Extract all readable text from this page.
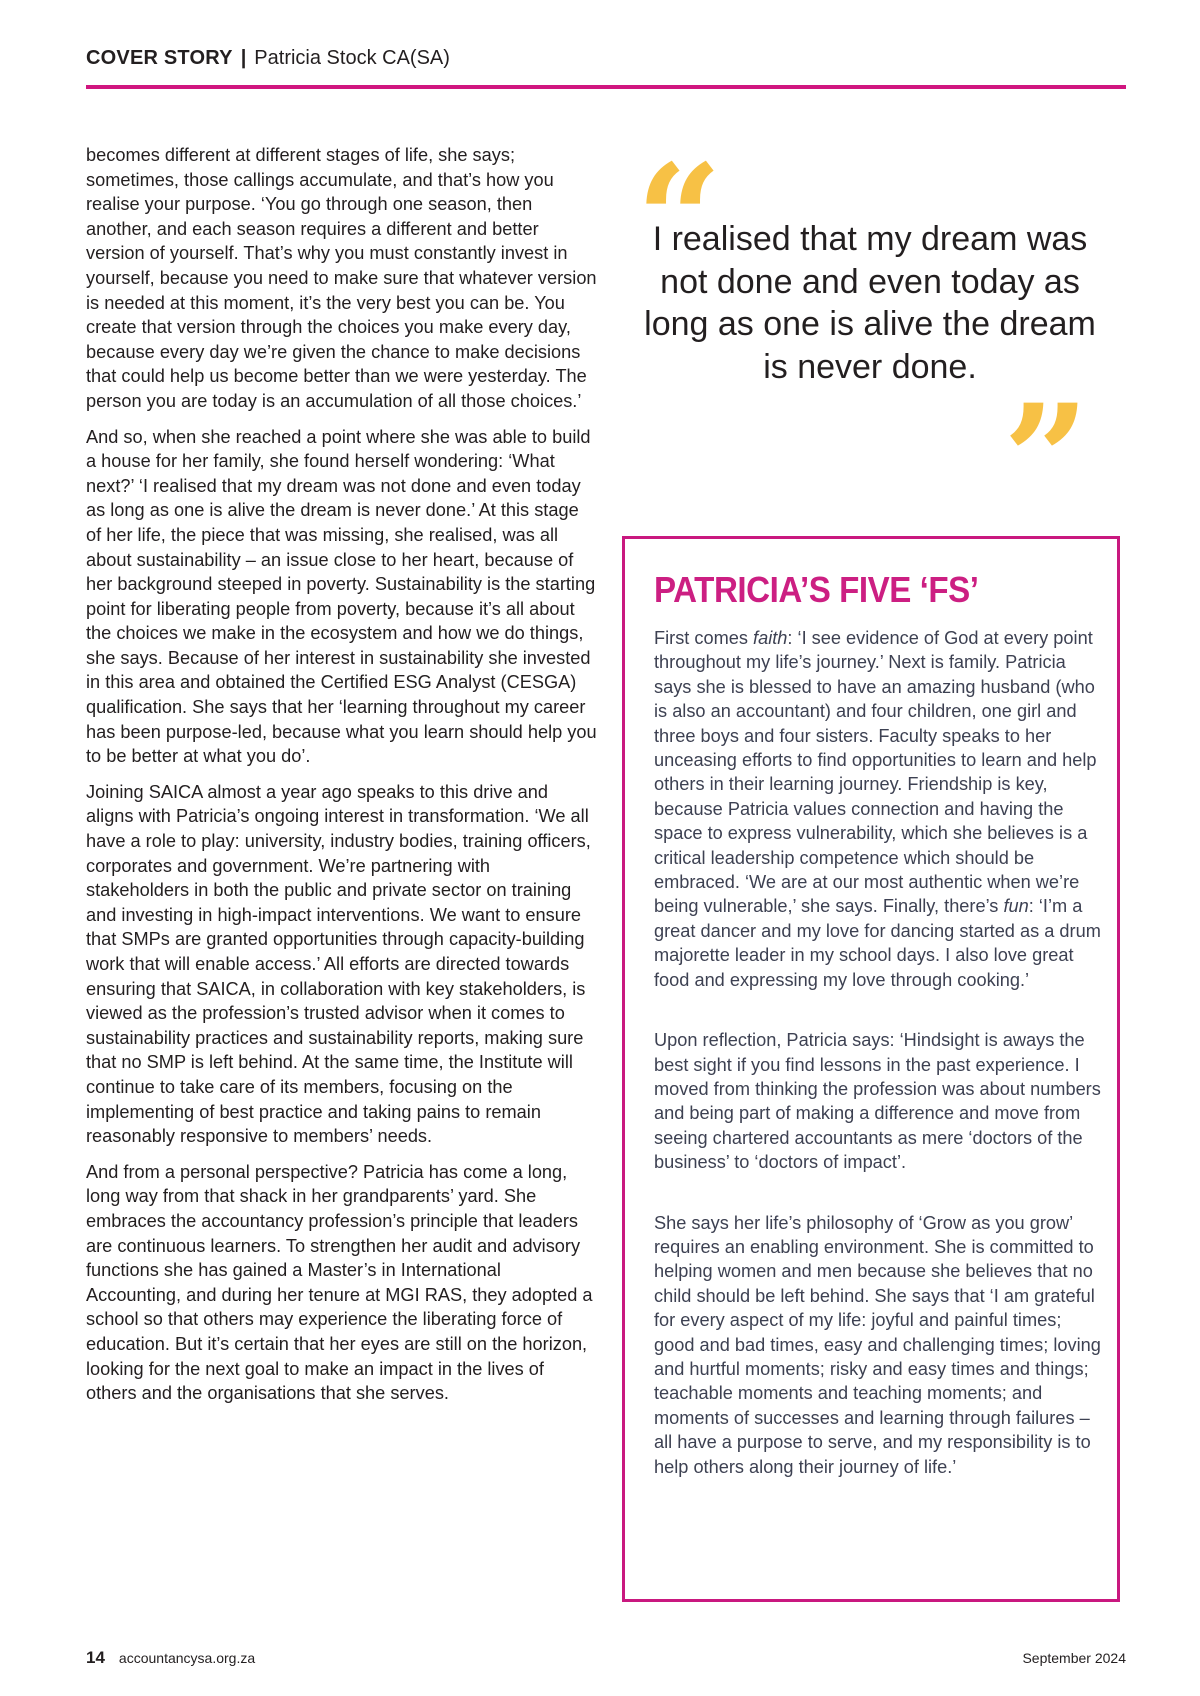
COVER STORY | Patricia Stock CA(SA)

becomes different at different stages of life, she says; sometimes, those callings accumulate, and that’s how you realise your purpose. ‘You go through one season, then another, and each season requires a different and better version of yourself. That’s why you must constantly invest in yourself, because you need to make sure that whatever version is needed at this moment, it’s the very best you can be. You create that version through the choices you make every day, because every day we’re given the chance to make decisions that could help us become better than we were yesterday. The person you are today is an accumulation of all those choices.’

And so, when she reached a point where she was able to build a house for her family, she found herself wondering: ‘What next?’ ‘I realised that my dream was not done and even today as long as one is alive the dream is never done.’ At this stage of her life, the piece that was missing, she realised, was all about sustainability – an issue close to her heart, because of her background steeped in poverty. Sustainability is the starting point for liberating people from poverty, because it’s all about the choices we make in the ecosystem and how we do things, she says. Because of her interest in sustainability she invested in this area and obtained the Certified ESG Analyst (CESGA) qualification. She says that her ‘learning throughout my career has been purpose-led, because what you learn should help you to be better at what you do’.

Joining SAICA almost a year ago speaks to this drive and aligns with Patricia’s ongoing interest in transformation. ‘We all have a role to play: university, industry bodies, training officers, corporates and government. We’re partnering with stakeholders in both the public and private sector on training and investing in high-impact interventions. We want to ensure that SMPs are granted opportunities through capacity-building work that will enable access.’ All efforts are directed towards ensuring that SAICA, in collaboration with key stakeholders, is viewed as the profession’s trusted advisor when it comes to sustainability practices and sustainability reports, making sure that no SMP is left behind. At the same time, the Institute will continue to take care of its members, focusing on the implementing of best practice and taking pains to remain reasonably responsive to members’ needs.

And from a personal perspective? Patricia has come a long, long way from that shack in her grandparents’ yard. She embraces the accountancy profession’s principle that leaders are continuous learners. To strengthen her audit and advisory functions she has gained a Master’s in International Accounting, and during her tenure at MGI RAS, they adopted a school so that others may experience the liberating force of education. But it’s certain that her eyes are still on the horizon, looking for the next goal to make an impact in the lives of others and the organisations that she serves.

“
I realised that my dream was not done and even today as long as one is alive the dream is never done.
”
PATRICIA’S FIVE ‘FS’

First comes faith: ‘I see evidence of God at every point throughout my life’s journey.’ Next is family. Patricia says she is blessed to have an amazing husband (who is also an accountant) and four children, one girl and three boys and four sisters. Faculty speaks to her unceasing efforts to find opportunities to learn and help others in their learning journey. Friendship is key, because Patricia values connection and having the space to express vulnerability, which she believes is a critical leadership competence which should be embraced. ‘We are at our most authentic when we’re being vulnerable,’ she says. Finally, there’s fun: ‘I’m a great dancer and my love for dancing started as a drum majorette leader in my school days. I also love great food and expressing my love through cooking.’

Upon reflection, Patricia says: ‘Hindsight is aways the best sight if you find lessons in the past experience. I moved from thinking the profession was about numbers and being part of making a difference and move from seeing chartered accountants as mere ‘doctors of the business’ to ‘doctors of impact’.

She says her life’s philosophy of ‘Grow as you grow’ requires an enabling environment. She is committed to helping women and men because she believes that no child should be left behind. She says that ‘I am grateful for every aspect of my life: joyful and painful times; good and bad times, easy and challenging times; loving and hurtful moments; risky and easy times and things; teachable moments and teaching moments; and moments of successes and learning through failures – all have a purpose to serve, and my responsibility is to help others along their journey of life.’

14 accountancysa.org.za	September 2024
